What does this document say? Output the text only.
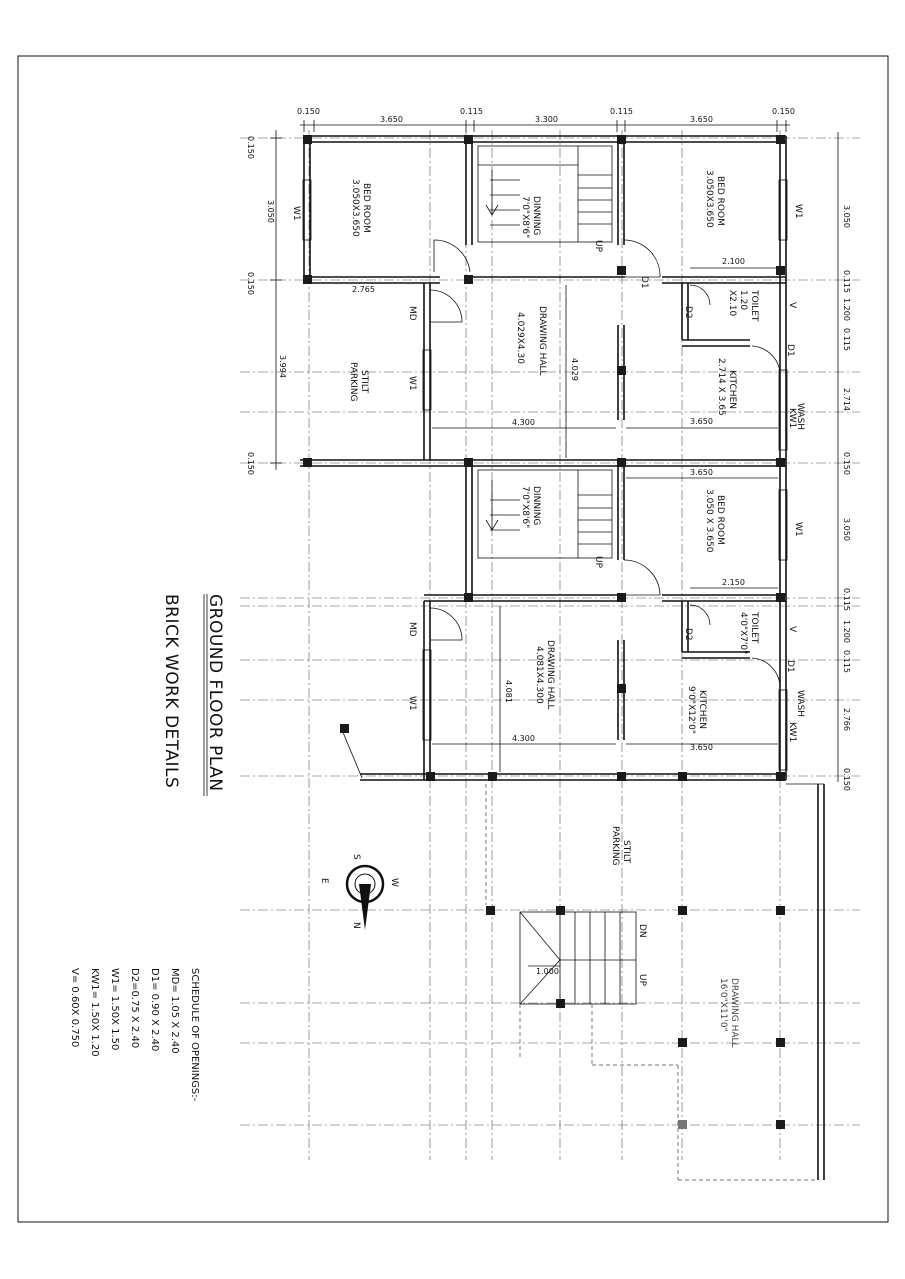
0.150
3.650
0.115
3.300
0.115
3.650
0.150
0.150
3.050
0.150	2.765
3.994
0.150
3.050
0.115
1.200
0.115
2.714
0.150
3.050
0.115
1.200
0.115
2.766
0.150
2.100
4.029
4.300	3.650
3.650
2.150
4.081
4.300
3.650
1.000
BED ROOM
3.050X3.650	DINNING
7'0"X8'6"	BED ROOM
3.050X3.650
DRAWING HALL
4.029X4.30
STILT
PARKING
TOILET
1.20
X2.10
KITCHEN
2.714 X 3.65
WASH
DINNING
7'0"X8'6"	BED ROOM
3.050 X 3.650
DRAWING HALL
4.081X4.300
TOILET
4'0"X7'0"
KITCHEN
9'0"X12'0"	WASH
STILT
PARKING
DRAWING HALL
16'0"X11'0"
W1	W1
W1
W1
W1
MD
MD
D1
D1
D1
D2
D2
KW1
KW1
V
V
UP
UP
DN
UP
S
W
E
N
GROUND FLOOR PLAN
BRICK WORK DETAILS
SCHEDULE OF OPENINGS:-
MD= 1.05 X 2.40
D1= 0.90 X 2.40
D2=0.75 X 2.40
W1= 1.50X 1.50
KW1= 1.50X 1.20
V= 0.60X 0.750
